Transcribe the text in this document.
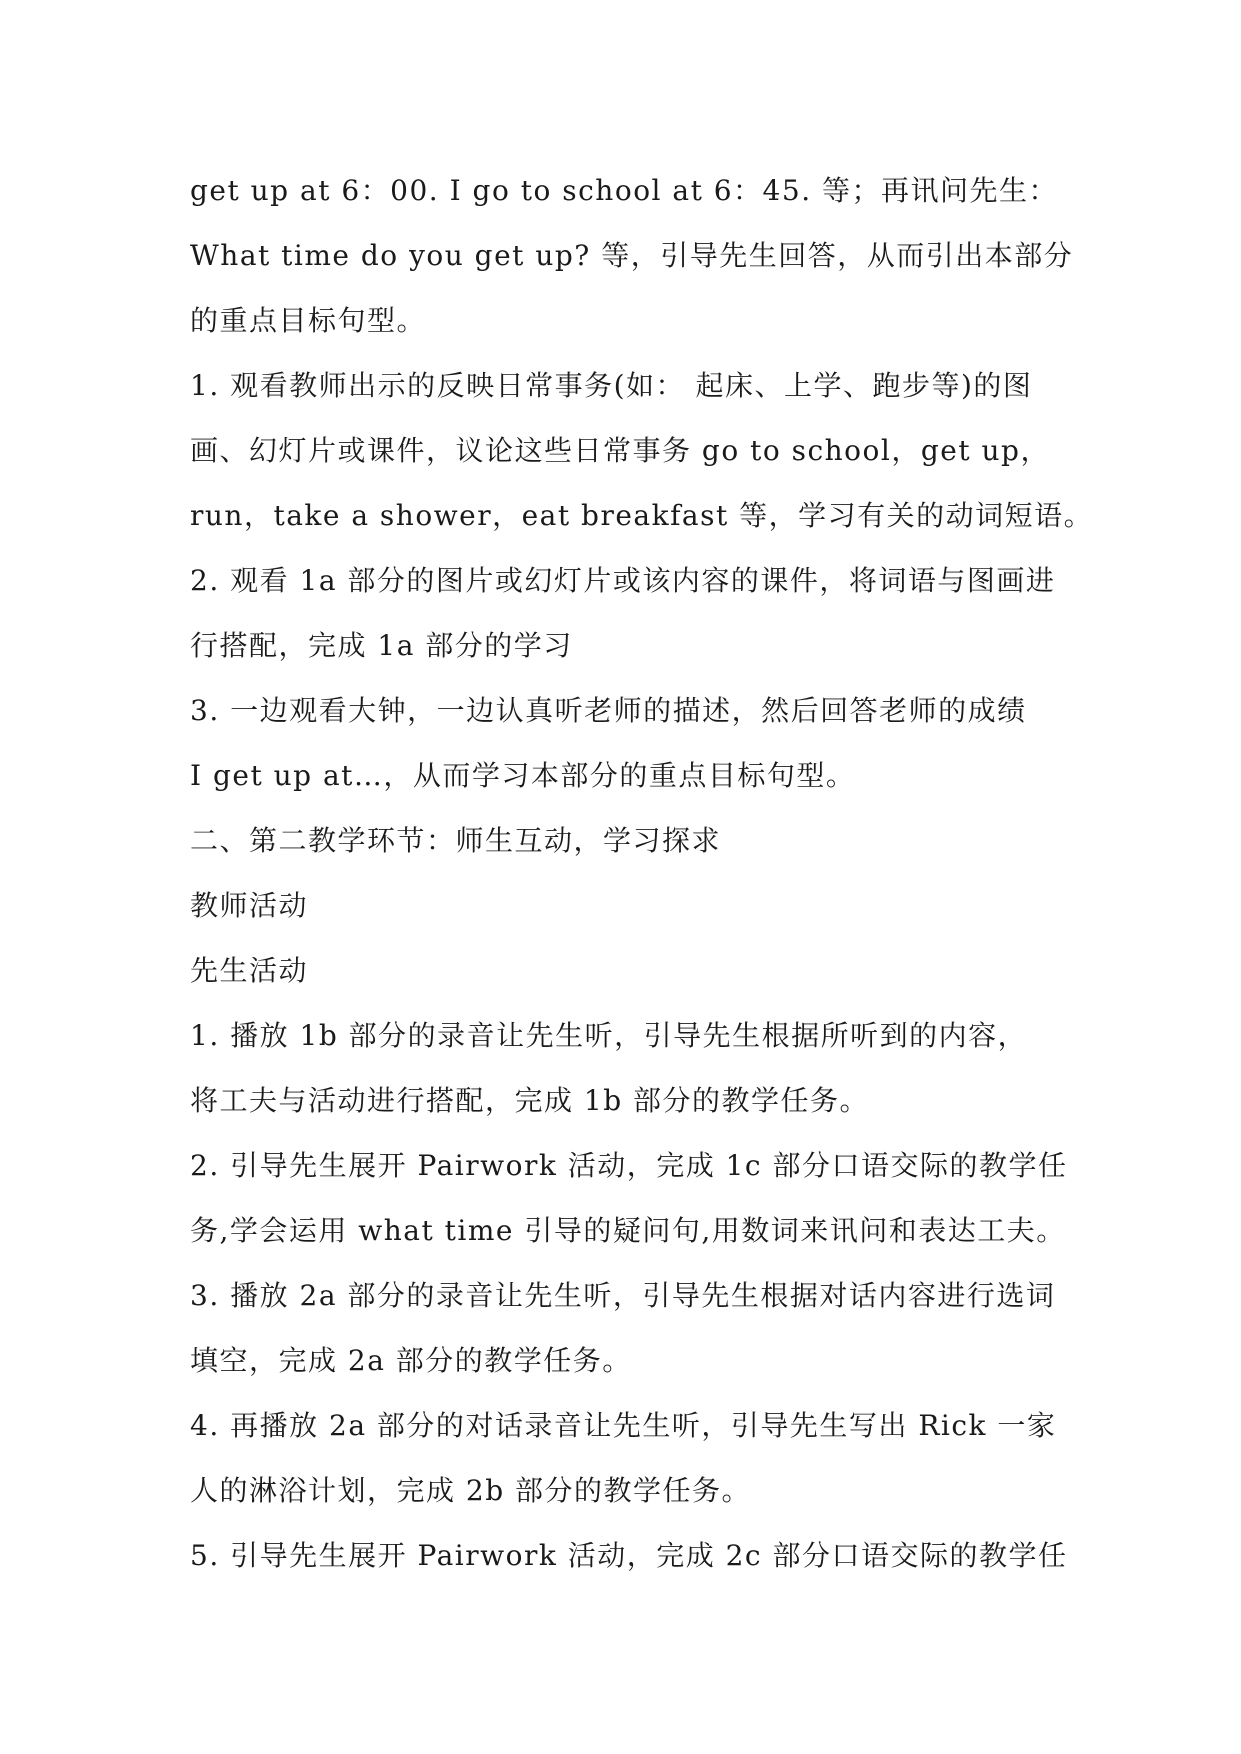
get up at 6：00. I go to school at 6：45. 等；再讯问先生：
What time do you get up? 等，引导先生回答，从而引出本部分
的重点目标句型。
1. 观看教师出示的反映日常事务(如： 起床、上学、跑步等)的图
画、幻灯片或课件，议论这些日常事务 go to school，get up，
run，take a shower，eat breakfast 等，学习有关的动词短语。
2. 观看 1a 部分的图片或幻灯片或该内容的课件，将词语与图画进
行搭配，完成 1a 部分的学习
3. 一边观看大钟，一边认真听老师的描述，然后回答老师的成绩
I get up at…，从而学习本部分的重点目标句型。
二、第二教学环节：师生互动，学习探求
教师活动
先生活动
1. 播放 1b 部分的录音让先生听，引导先生根据所听到的内容，
将工夫与活动进行搭配，完成 1b 部分的教学任务。
2. 引导先生展开 Pairwork 活动，完成 1c 部分口语交际的教学任
务,学会运用 what time 引导的疑问句,用数词来讯问和表达工夫。
3. 播放 2a 部分的录音让先生听，引导先生根据对话内容进行选词
填空，完成 2a 部分的教学任务。
4. 再播放 2a 部分的对话录音让先生听，引导先生写出 Rick 一家
人的淋浴计划，完成 2b 部分的教学任务。
5. 引导先生展开 Pairwork 活动，完成 2c 部分口语交际的教学任
